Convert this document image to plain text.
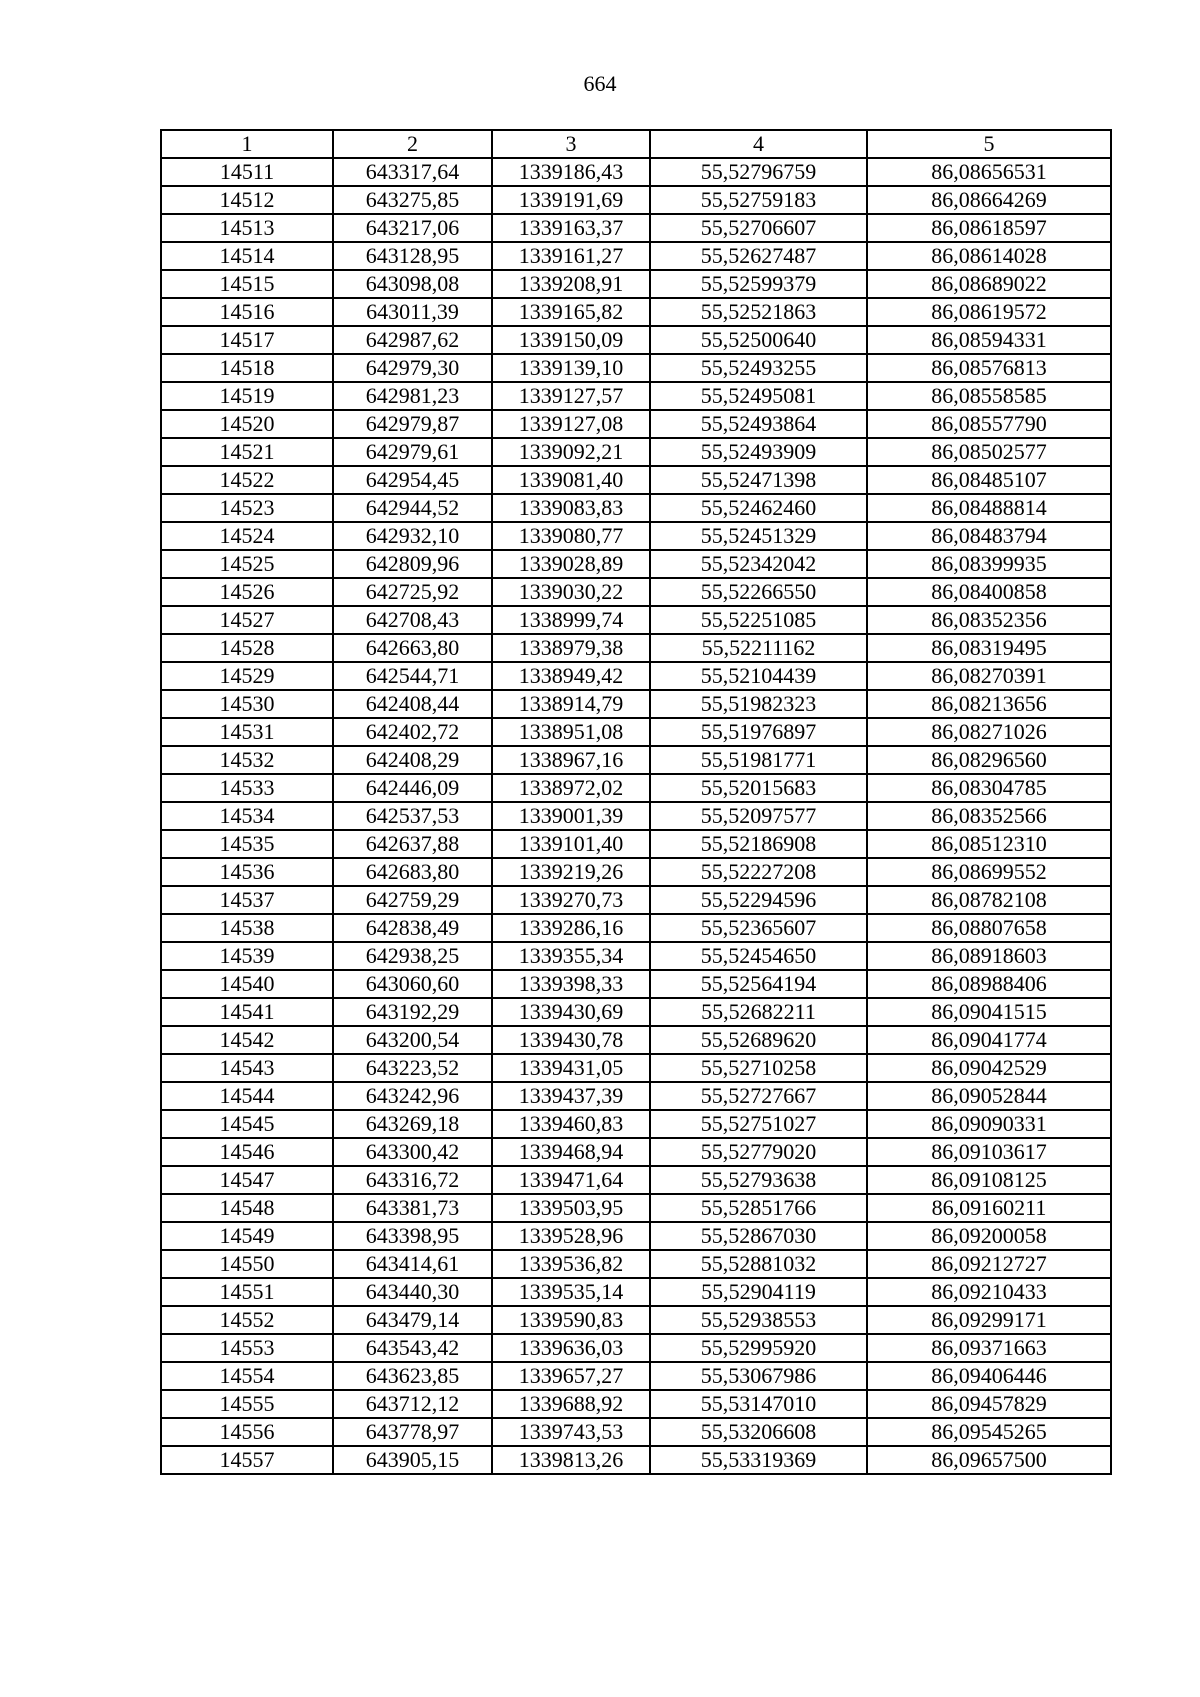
664
1	2	3	4	5
14511	643317,64	1339186,43	55,52796759	86,08656531
14512	643275,85	1339191,69	55,52759183	86,08664269
14513	643217,06	1339163,37	55,52706607	86,08618597
14514	643128,95	1339161,27	55,52627487	86,08614028
14515	643098,08	1339208,91	55,52599379	86,08689022
14516	643011,39	1339165,82	55,52521863	86,08619572
14517	642987,62	1339150,09	55,52500640	86,08594331
14518	642979,30	1339139,10	55,52493255	86,08576813
14519	642981,23	1339127,57	55,52495081	86,08558585
14520	642979,87	1339127,08	55,52493864	86,08557790
14521	642979,61	1339092,21	55,52493909	86,08502577
14522	642954,45	1339081,40	55,52471398	86,08485107
14523	642944,52	1339083,83	55,52462460	86,08488814
14524	642932,10	1339080,77	55,52451329	86,08483794
14525	642809,96	1339028,89	55,52342042	86,08399935
14526	642725,92	1339030,22	55,52266550	86,08400858
14527	642708,43	1338999,74	55,52251085	86,08352356
14528	642663,80	1338979,38	55,52211162	86,08319495
14529	642544,71	1338949,42	55,52104439	86,08270391
14530	642408,44	1338914,79	55,51982323	86,08213656
14531	642402,72	1338951,08	55,51976897	86,08271026
14532	642408,29	1338967,16	55,51981771	86,08296560
14533	642446,09	1338972,02	55,52015683	86,08304785
14534	642537,53	1339001,39	55,52097577	86,08352566
14535	642637,88	1339101,40	55,52186908	86,08512310
14536	642683,80	1339219,26	55,52227208	86,08699552
14537	642759,29	1339270,73	55,52294596	86,08782108
14538	642838,49	1339286,16	55,52365607	86,08807658
14539	642938,25	1339355,34	55,52454650	86,08918603
14540	643060,60	1339398,33	55,52564194	86,08988406
14541	643192,29	1339430,69	55,52682211	86,09041515
14542	643200,54	1339430,78	55,52689620	86,09041774
14543	643223,52	1339431,05	55,52710258	86,09042529
14544	643242,96	1339437,39	55,52727667	86,09052844
14545	643269,18	1339460,83	55,52751027	86,09090331
14546	643300,42	1339468,94	55,52779020	86,09103617
14547	643316,72	1339471,64	55,52793638	86,09108125
14548	643381,73	1339503,95	55,52851766	86,09160211
14549	643398,95	1339528,96	55,52867030	86,09200058
14550	643414,61	1339536,82	55,52881032	86,09212727
14551	643440,30	1339535,14	55,52904119	86,09210433
14552	643479,14	1339590,83	55,52938553	86,09299171
14553	643543,42	1339636,03	55,52995920	86,09371663
14554	643623,85	1339657,27	55,53067986	86,09406446
14555	643712,12	1339688,92	55,53147010	86,09457829
14556	643778,97	1339743,53	55,53206608	86,09545265
14557	643905,15	1339813,26	55,53319369	86,09657500
